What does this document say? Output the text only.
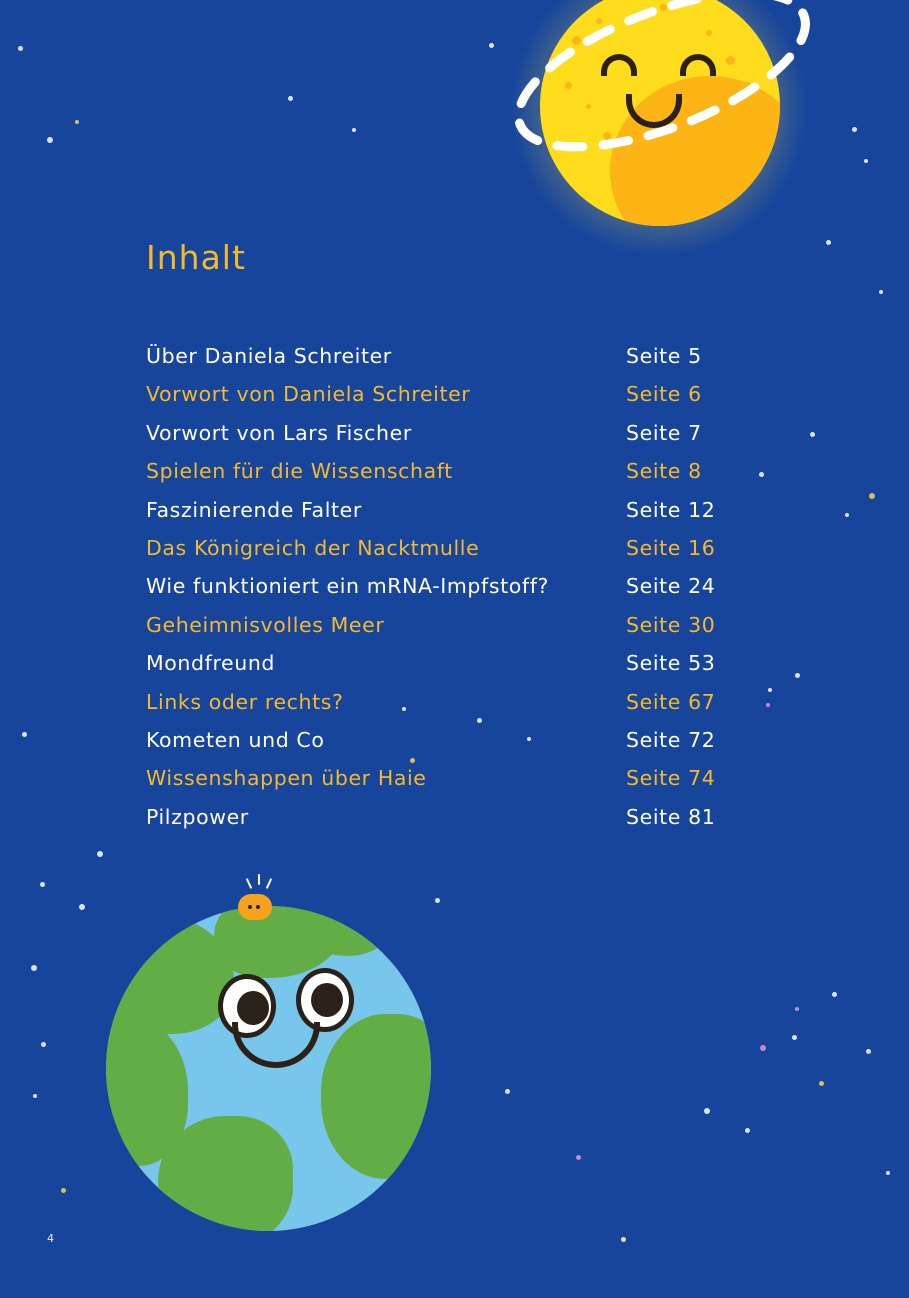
Inhalt
Über Daniela Schreiter	Seite 5
Vorwort von Daniela Schreiter	Seite 6
Vorwort von Lars Fischer	Seite 7
Spielen für die Wissenschaft	Seite 8
Faszinierende Falter	Seite 12
Das Königreich der Nacktmulle	Seite 16
Wie funktioniert ein mRNA-Impfstoff?	Seite 24
Geheimnisvolles Meer	Seite 30
Mondfreund	Seite 53
Links oder rechts?	Seite 67
Kometen und Co	Seite 72
Wissenshappen über Haie	Seite 74
Pilzpower	Seite 81
4
